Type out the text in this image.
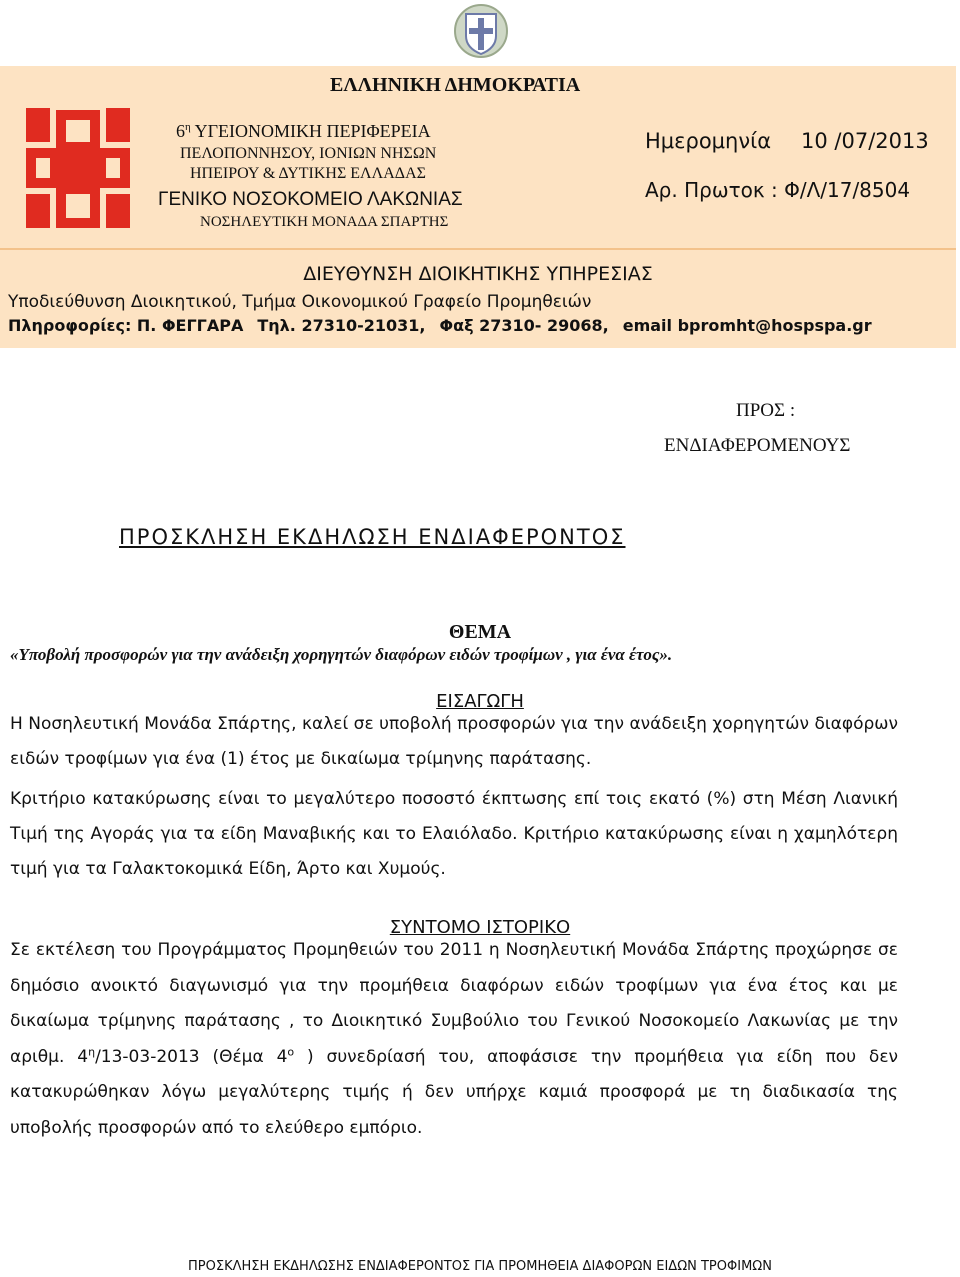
ΕΛΛΗΝΙΚΗ ΔΗΜΟΚΡΑΤΙΑ
$6^\eta$ ΥΓΕΙΟΝΟΜΙΚΗ ΠΕΡΙΦΕΡΕΙΑ
ΠΕΛΟΠΟΝΝΗΣΟΥ, ΙΟΝΙΩΝ ΝΗΣΩΝ
ΗΠΕΙΡΟΥ & ΔΥΤΙΚΗΣ ΕΛΛΑΔΑΣ
ΓΕΝΙΚΟ ΝΟΣΟΚΟΜΕΙΟ ΛΑΚΩΝΙΑΣ
ΝΟΣΗΛΕΥΤΙΚΗ ΜΟΝΑΔΑ ΣΠΑΡΤΗΣ
Ημερομηνία 10 /07/2013
Αρ. Πρωτοκ : Φ/Λ/17/8504
ΔΙΕΥΘΥΝΣΗ ΔΙΟΙΚΗΤΙΚΗΣ ΥΠΗΡΕΣΙΑΣ
Υποδιεύθυνση Διοικητικού, Τμήμα Οικονομικού Γραφείο Προμηθειών
Πληροφορίες: Π. ΦΕΓΓΑΡΑ Τηλ. 27310-21031, Φαξ 27310- 29068, email bpromht@hospspa.gr
ΠΡΟΣ :
ΕΝΔΙΑΦΕΡΟΜΕΝΟΥΣ
ΠΡΟΣΚΛΗΣΗ ΕΚΔΗΛΩΣΗ ΕΝΔΙΑΦΕΡΟΝΤΟΣ
ΘΕΜΑ
«Υποβολή προσφορών για την ανάδειξη χορηγητών διαφόρων ειδών τροφίμων , για ένα έτος».
ΕΙΣΑΓΩΓΗ

Η Νοσηλευτική Μονάδα Σπάρτης, καλεί σε υποβολή προσφορών για την ανάδειξη χορηγητών διαφόρων ειδών τροφίμων για ένα (1) έτος με δικαίωμα τρίμηνης παράτασης.

Κριτήριο κατακύρωσης είναι το μεγαλύτερο ποσοστό έκπτωσης επί τοις εκατό (%) στη Μέση Λιανική Τιμή της Αγοράς για τα είδη Μαναβικής και το Ελαιόλαδο. Κριτήριο κατακύρωσης είναι η χαμηλότερη τιμή για τα Γαλακτοκομικά Είδη, Άρτο και Χυμούς.

ΣΥΝΤΟΜΟ ΙΣΤΟΡΙΚΟ

Σε εκτέλεση του Προγράμματος Προμηθειών του 2011 η Νοσηλευτική Μονάδα Σπάρτης προχώρησε σε δημόσιο ανοικτό διαγωνισμό για την προμήθεια διαφόρων ειδών τροφίμων για ένα έτος και με δικαίωμα τρίμηνης παράτασης , το Διοικητικό Συμβούλιο του Γενικού Νοσοκομείο Λακωνίας με την αριθμ. $4^\eta/13-03-2013$ (Θέμα $4^o$ ) συνεδρίασή του, αποφάσισε την προμήθεια για είδη που δεν κατακυρώθηκαν λόγω μεγαλύτερης τιμής ή δεν υπήρχε καμιά προσφορά με τη διαδικασία της υποβολής προσφορών από το ελεύθερο εμπόριο.

ΠΡΟΣΚΛΗΣΗ ΕΚΔΗΛΩΣΗΣ ΕΝΔΙΑΦΕΡΟΝΤΟΣ ΓΙΑ ΠΡΟΜΗΘΕΙΑ ΔΙΑΦΟΡΩΝ ΕΙΔΩΝ ΤΡΟΦΙΜΩΝ
